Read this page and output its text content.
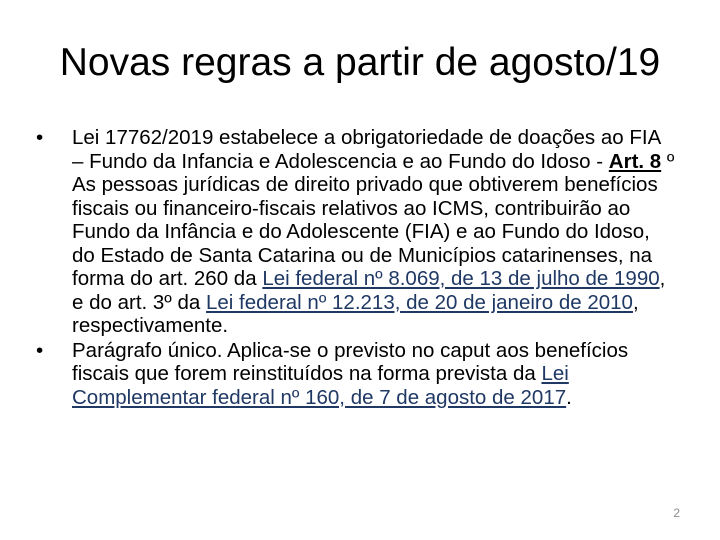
Novas regras a partir de agosto/19
•	Lei 17762/2019 estabelece a obrigatoriedade de doações ao FIA – Fundo da Infancia e Adolescencia e ao Fundo do Idoso - Art. 8 º As pessoas jurídicas de direito privado que obtiverem benefícios fiscais ou financeiro-fiscais relativos ao ICMS, contribuirão ao Fundo da Infância e do Adolescente (FIA) e ao Fundo do Idoso, do Estado de Santa Catarina ou de Municípios catarinenses, na forma do art. 260 da Lei federal nº 8.069, de 13 de julho de 1990, e do art. 3º da Lei federal nº 12.213, de 20 de janeiro de 2010, respectivamente.
•	Parágrafo único. Aplica-se o previsto no caput aos benefícios fiscais que forem reinstituídos na forma prevista da Lei Complementar federal nº 160, de 7 de agosto de 2017.
2
